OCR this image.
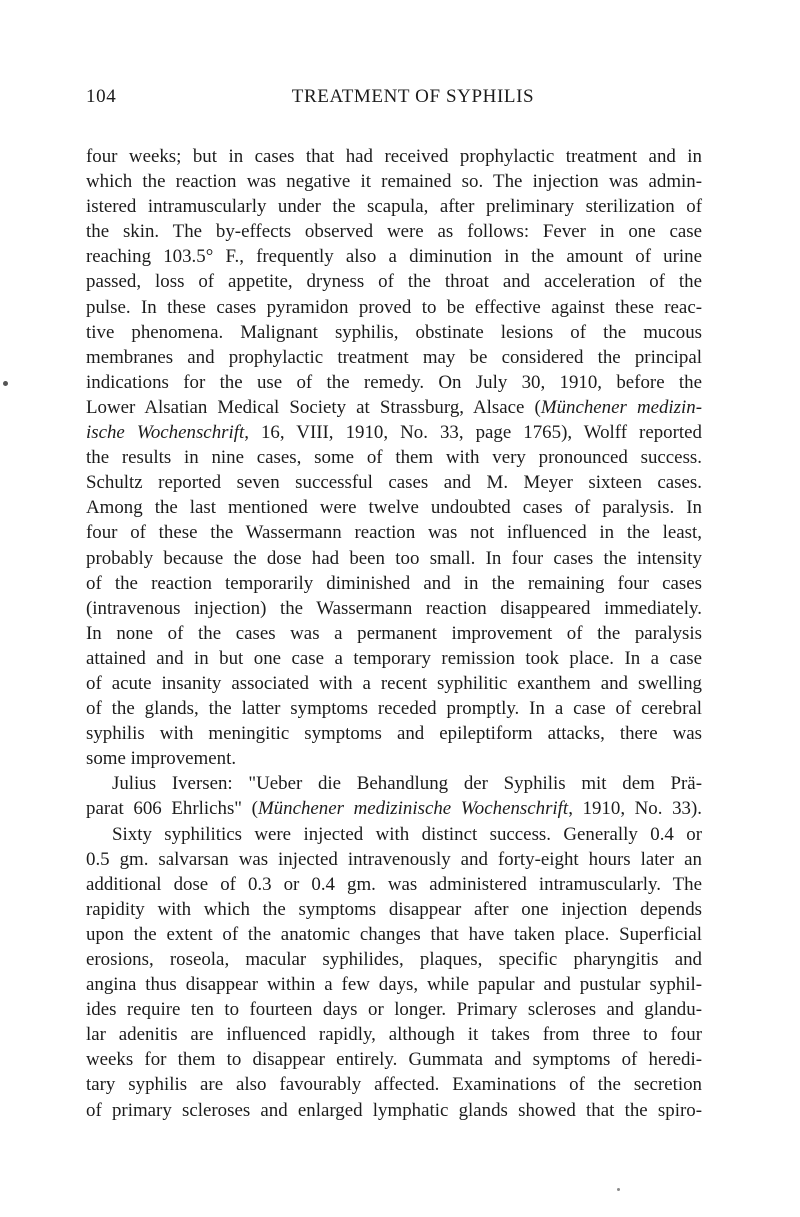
104	TREATMENT OF SYPHILIS
four weeks; but in cases that had received prophylactic treatment and in
which the reaction was negative it remained so. The injection was admin-
istered intramuscularly under the scapula, after preliminary sterilization of
the skin. The by-effects observed were as follows: Fever in one case
reaching 103.5° F., frequently also a diminution in the amount of urine
passed, loss of appetite, dryness of the throat and acceleration of the
pulse. In these cases pyramidon proved to be effective against these reac-
tive phenomena. Malignant syphilis, obstinate lesions of the mucous
membranes and prophylactic treatment may be considered the principal
indications for the use of the remedy. On July 30, 1910, before the
Lower Alsatian Medical Society at Strassburg, Alsace (Münchener medizin-
ische Wochenschrift, 16, VIII, 1910, No. 33, page 1765), Wolff reported
the results in nine cases, some of them with very pronounced success.
Schultz reported seven successful cases and M. Meyer sixteen cases.
Among the last mentioned were twelve undoubted cases of paralysis. In
four of these the Wassermann reaction was not influenced in the least,
probably because the dose had been too small. In four cases the intensity
of the reaction temporarily diminished and in the remaining four cases
(intravenous injection) the Wassermann reaction disappeared immediately.
In none of the cases was a permanent improvement of the paralysis
attained and in but one case a temporary remission took place. In a case
of acute insanity associated with a recent syphilitic exanthem and swelling
of the glands, the latter symptoms receded promptly. In a case of cerebral
syphilis with meningitic symptoms and epileptiform attacks, there was
some improvement.
Julius Iversen: "Ueber die Behandlung der Syphilis mit dem Prä-
parat 606 Ehrlichs" (Münchener medizinische Wochenschrift, 1910, No. 33).
Sixty syphilitics were injected with distinct success. Generally 0.4 or
0.5 gm. salvarsan was injected intravenously and forty-eight hours later an
additional dose of 0.3 or 0.4 gm. was administered intramuscularly. The
rapidity with which the symptoms disappear after one injection depends
upon the extent of the anatomic changes that have taken place. Superficial
erosions, roseola, macular syphilides, plaques, specific pharyngitis and
angina thus disappear within a few days, while papular and pustular syphil-
ides require ten to fourteen days or longer. Primary scleroses and glandu-
lar adenitis are influenced rapidly, although it takes from three to four
weeks for them to disappear entirely. Gummata and symptoms of heredi-
tary syphilis are also favourably affected. Examinations of the secretion
of primary scleroses and enlarged lymphatic glands showed that the spiro-
